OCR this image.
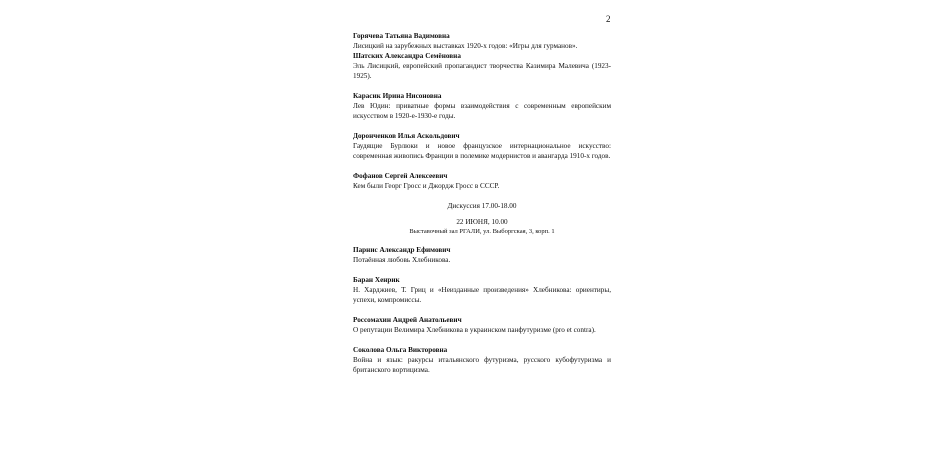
2
Горячева Татьяна Вадимовна
Лисицкий на зарубежных выставках 1920-х годов: «Игры для гурманов».
Шатских Александра Семёновна
Эль Лисицкий, европейский пропагандист творчества Казимира Малевича (1923-1925).
Карасик Ирина Нисоновна
Лев Юдин: приватные формы взаимодействия с современным европейским искусством в 1920-е-1930-е годы.
Доронченков Илья Аскольдович
Гаудящие Бурлюки и новое французское интернациональное искусство: современная живопись Франции в полемике модернистов и авангарда 1910-х годов.
Фофанов Сергей Алексеевич
Кем были Георг Гросс и Джордж Гросс в СССР.
Дискуссия 17.00-18.00
22 ИЮНЯ, 10.00
Выставочный зал РГАЛИ, ул. Выборгская, 3, корп. 1
Парнис Александр Ефимович
Потаённая любовь Хлебникова.
Баран Хенрик
Н. Харджиев, Т. Гриц и «Неизданные произведения» Хлебникова: ориентиры, успехи, компромиссы.
Россомахин Андрей Анатольевич
О репутации Велимира Хлебникова в украинском панфутуризме (pro et contra).
Соколова Ольга Викторовна
Война и язык: ракурсы итальянского футуризма, русского кубофутуризма и британского вортицизма.
